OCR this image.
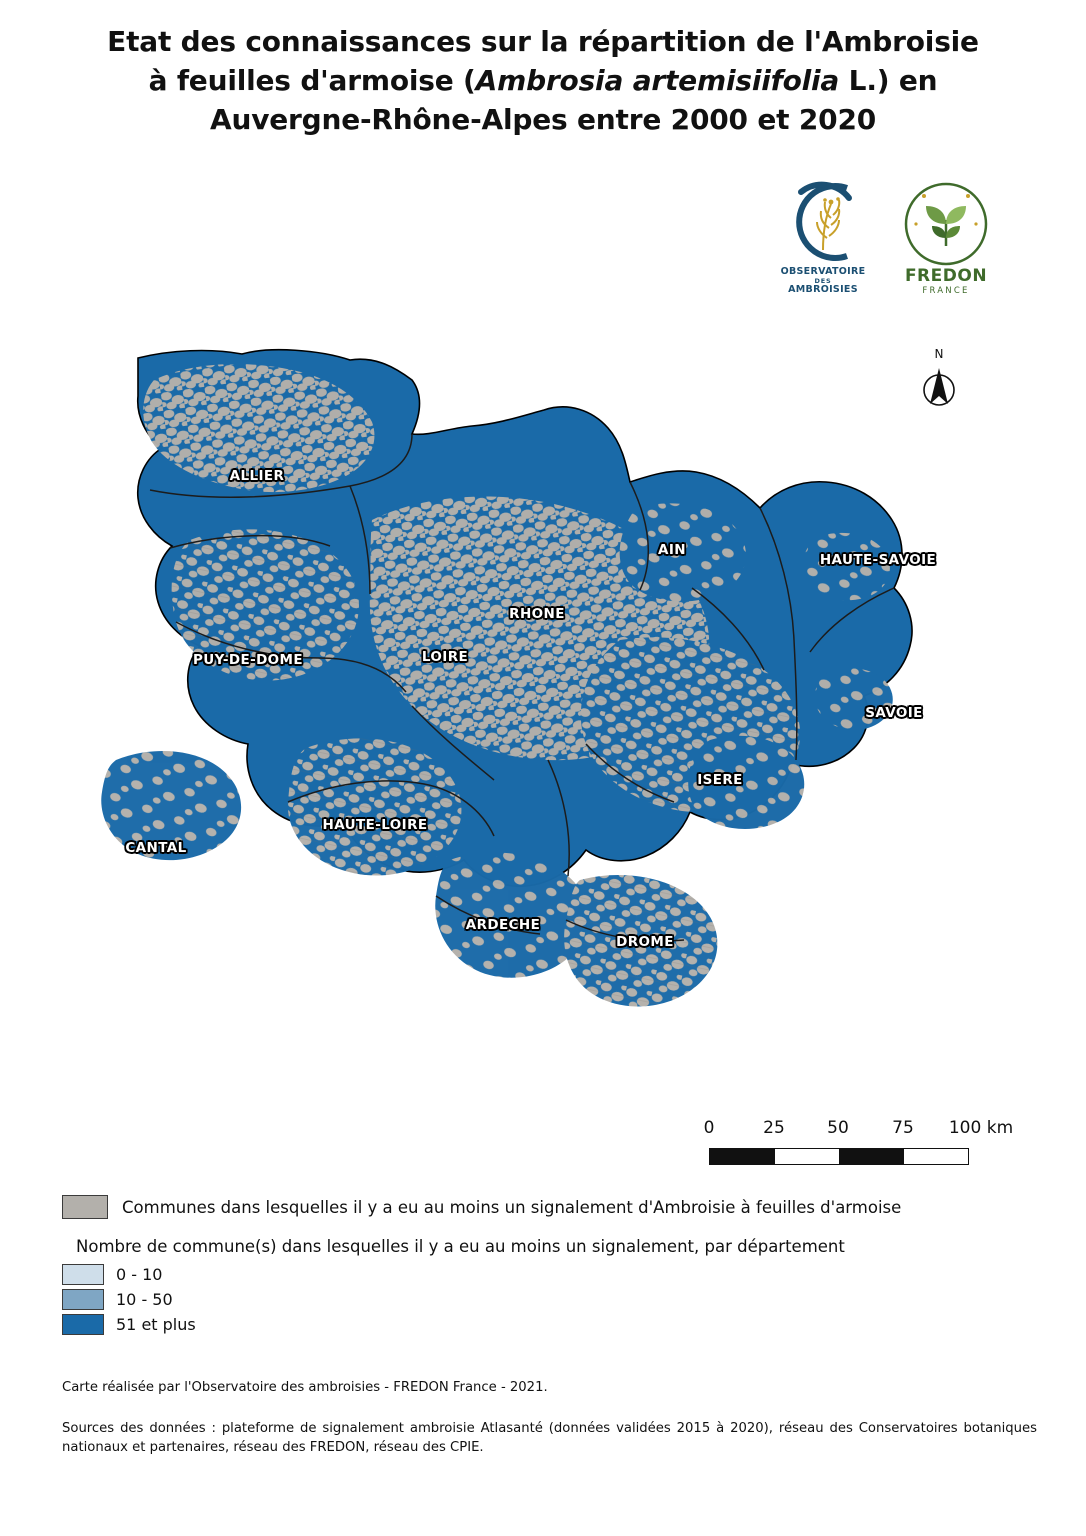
Etat des connaissances sur la répartition de l'Ambroisie
à feuilles d'armoise (Ambrosia artemisiifolia L.) en
Auvergne-Rhône-Alpes entre 2000 et 2020
OBSERVATOIRE
DES
AMBROISIES
FREDON
FRANCE
ALLIER
PUY-DE-DOME
CANTAL
HAUTE-LOIRE
LOIRE
RHONE
AIN
HAUTE-SAVOIE
SAVOIE
ISERE
ARDECHE
DROME
N
0	25 50	75 100 km
Communes dans lesquelles il y a eu au moins un signalement d'Ambroisie à feuilles d'armoise
Nombre de commune(s) dans lesquelles il y a eu au moins un signalement, par département
0 - 10
10 - 50
51 et plus
Carte réalisée par l'Observatoire des ambroisies - FREDON France - 2021.
Sources des données : plateforme de signalement ambroisie Atlasanté (données validées 2015 à 2020), réseau des Conservatoires botaniques nationaux et partenaires, réseau des FREDON, réseau des CPIE.
